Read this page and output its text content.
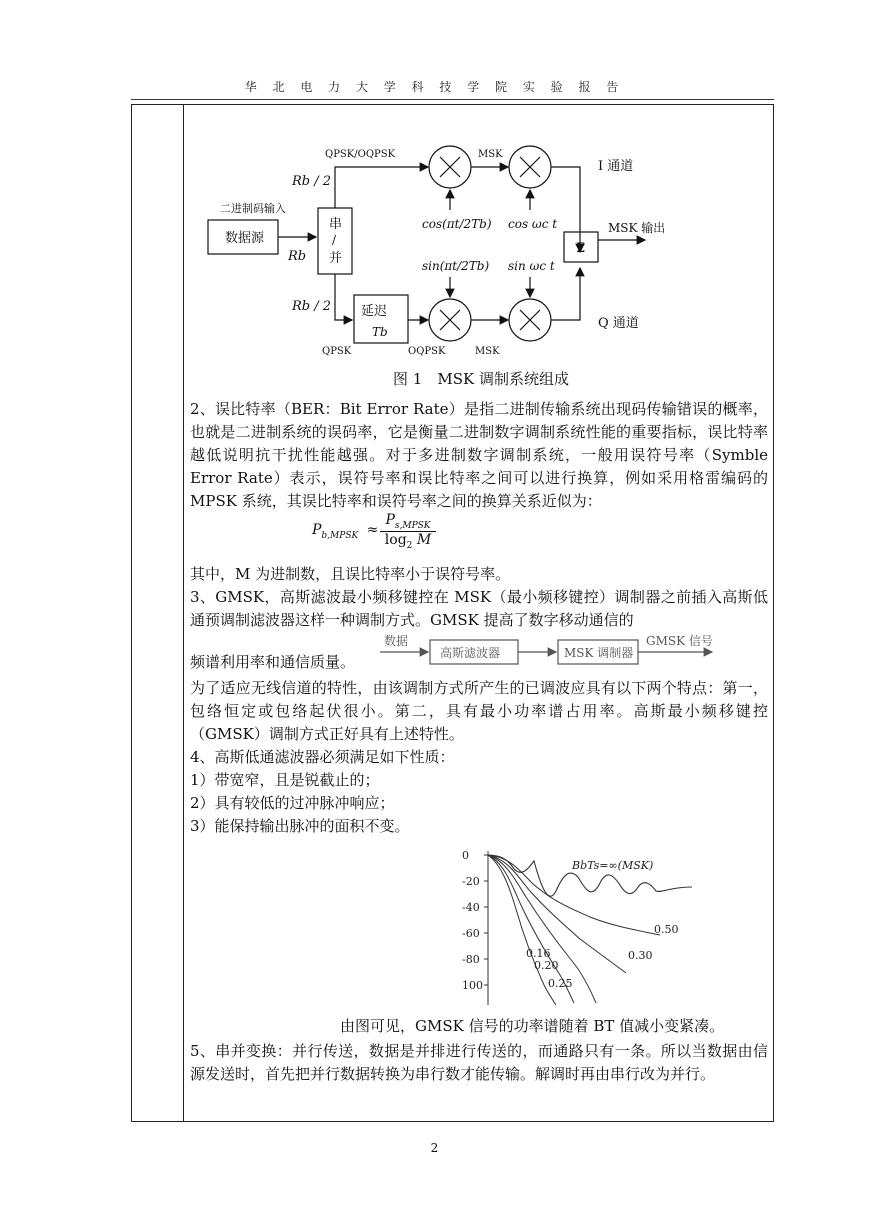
华 北 电 力 大 学 科 技 学 院 实 验 报 告
二进制码输入
数据源
串
/
并
延迟
Tb
QPSK/OQPSK	MSK
QPSK	OQPSK	MSK
I 通道
Q 通道
MSK 输出
Rb / 2
Rb
Rb / 2
cos(πt/2Tb)
sin(πt/2Tb)
cos ωc t
sin ωc t
Σ
图 1　MSK 调制系统组成

2、误比特率（BER：Bit Error Rate）是指二进制传输系统出现码传输错误的概率，也就是二进制系统的误码率，它是衡量二进制数字调制系统性能的重要指标，误比特率越低说明抗干扰性能越强。对于多进制数字调制系统，一般用误符号率（Symble Error Rate）表示，误符号率和误比特率之间可以进行换算，例如采用格雷编码的 MPSK 系统，其误比特率和误符号率之间的换算关系近似为：

$P_{b,MPSK}$ ≈
$P_{s,MPSK}$
$\log_2 M$

其中，M 为进制数，且误比特率小于误符号率。

3、GMSK，高斯滤波最小频移键控在 MSK（最小频移键控）调制器之前插入高斯低通预调制滤波器这样一种调制方式。GMSK 提高了数字移动通信的

数据
高斯滤波器	MSK 调制器
GMSK 信号

频谱利用率和通信质量。

为了适应无线信道的特性，由该调制方式所产生的已调波应具有以下两个特点：第一，包络恒定或包络起伏很小。第二，具有最小功率谱占用率。高斯最小频移键控（GMSK）调制方式正好具有上述特性。

4、高斯低通滤波器必须满足如下性质：

1）带宽窄，且是锐截止的；

2）具有较低的过冲脉冲响应；

3）能保持输出脉冲的面积不变。

0
-20
-40
-60
-80
100
BbTs=∞(MSK)
0.50
0.30
0.16
0.20
0.25

由图可见，GMSK 信号的功率谱随着 BT 值减小变紧凑。

5、串并变换：并行传送，数据是并排进行传送的，而通路只有一条。所以当数据由信源发送时，首先把并行数据转换为串行数才能传输。解调时再由串行改为并行。

2
